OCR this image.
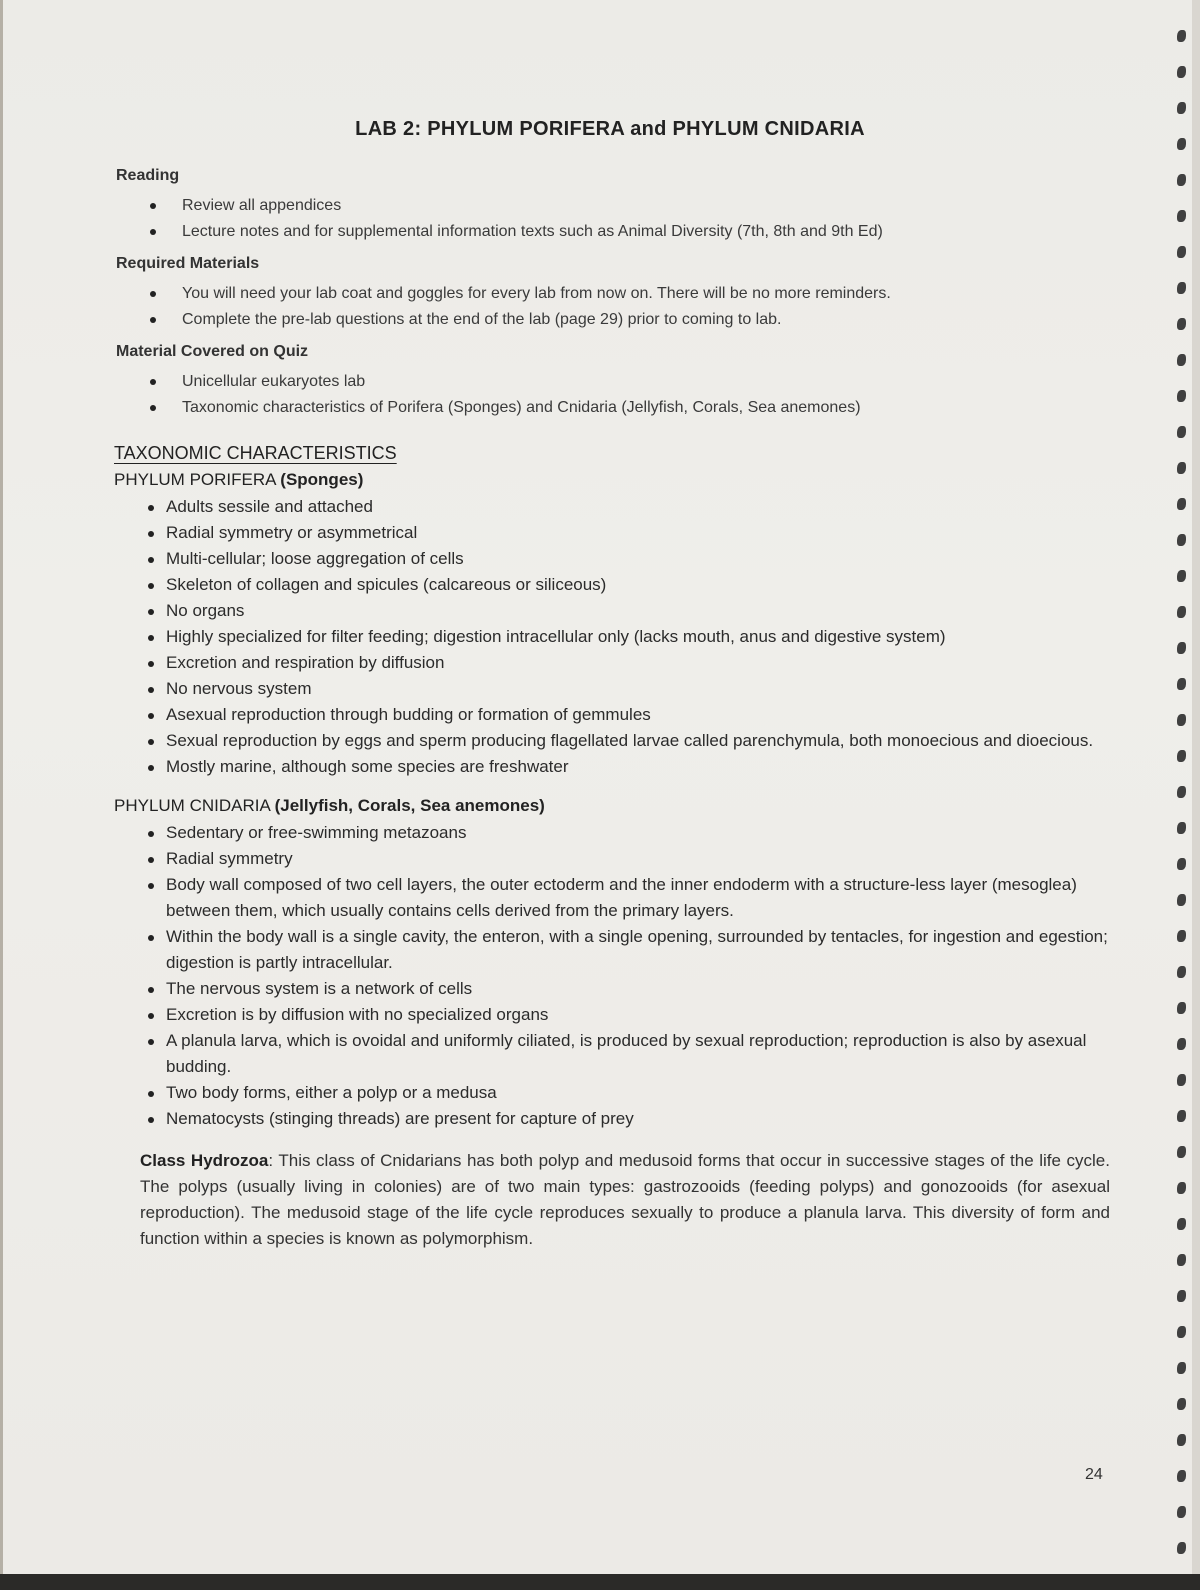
LAB 2: PHYLUM PORIFERA and PHYLUM CNIDARIA
Reading
Review all appendices
Lecture notes and for supplemental information texts such as Animal Diversity (7th, 8th and 9th Ed)
Required Materials
You will need your lab coat and goggles for every lab from now on. There will be no more reminders.
Complete the pre-lab questions at the end of the lab (page 29) prior to coming to lab.
Material Covered on Quiz
Unicellular eukaryotes lab
Taxonomic characteristics of Porifera (Sponges) and Cnidaria (Jellyfish, Corals, Sea anemones)
TAXONOMIC CHARACTERISTICS
PHYLUM PORIFERA (Sponges)
Adults sessile and attached
Radial symmetry or asymmetrical
Multi-cellular; loose aggregation of cells
Skeleton of collagen and spicules (calcareous or siliceous)
No organs
Highly specialized for filter feeding; digestion intracellular only (lacks mouth, anus and digestive system)
Excretion and respiration by diffusion
No nervous system
Asexual reproduction through budding or formation of gemmules
Sexual reproduction by eggs and sperm producing flagellated larvae called parenchymula, both monoecious and dioecious.
Mostly marine, although some species are freshwater
PHYLUM CNIDARIA (Jellyfish, Corals, Sea anemones)
Sedentary or free-swimming metazoans
Radial symmetry
Body wall composed of two cell layers, the outer ectoderm and the inner endoderm with a structure-less layer (mesoglea) between them, which usually contains cells derived from the primary layers.
Within the body wall is a single cavity, the enteron, with a single opening, surrounded by tentacles, for ingestion and egestion; digestion is partly intracellular.
The nervous system is a network of cells
Excretion is by diffusion with no specialized organs
A planula larva, which is ovoidal and uniformly ciliated, is produced by sexual reproduction; reproduction is also by asexual budding.
Two body forms, either a polyp or a medusa
Nematocysts (stinging threads) are present for capture of prey

Class Hydrozoa: This class of Cnidarians has both polyp and medusoid forms that occur in successive stages of the life cycle. The polyps (usually living in colonies) are of two main types: gastrozooids (feeding polyps) and gonozooids (for asexual reproduction). The medusoid stage of the life cycle reproduces sexually to produce a planula larva. This diversity of form and function within a species is known as polymorphism.

24
